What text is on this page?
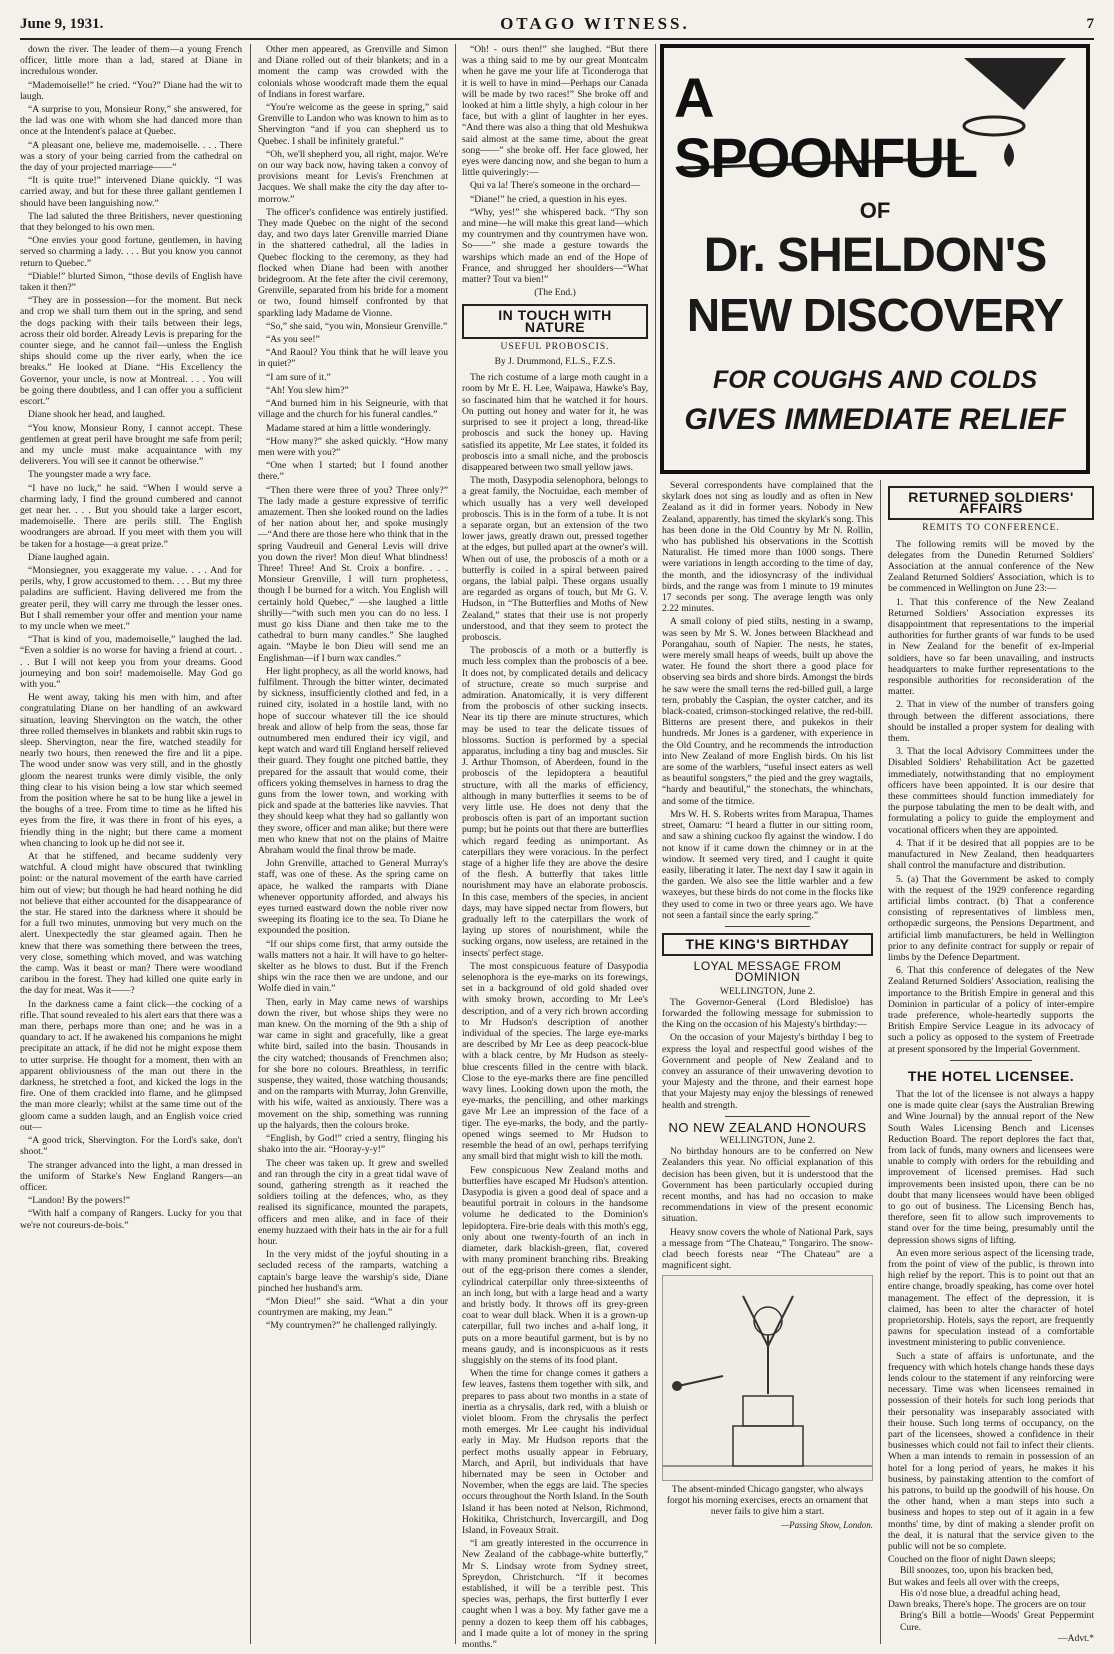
June 9, 1931.	OTAGO WITNESS.	7

down the river. The leader of them—a young French officer, little more than a lad, stared at Diane in incredulous wonder.

“Mademoiselle!” he cried. “You?” Diane had the wit to laugh.

“A surprise to you, Monsieur Rony,” she answered, for the lad was one with whom she had danced more than once at the Intendent's palace at Quebec.

“A pleasant one, believe me, mademoiselle. . . . There was a story of your being carried from the cathedral on the day of your projected marriage——”

“It is quite true!” intervened Diane quickly. “I was carried away, and but for these three gallant gentlemen I should have been languishing now.”

The lad saluted the three Britishers, never questioning that they belonged to his own men.

“One envies your good fortune, gentlemen, in having served so charming a lady. . . . But you know you cannot return to Quebec.”

“Diable!” blurted Simon, “those devils of English have taken it then?”

“They are in possession—for the moment. But neck and crop we shall turn them out in the spring, and send the dogs packing with their tails between their legs, across their old border. Already Levis is preparing for the counter siege, and he cannot fail—unless the English ships should come up the river early, when the ice breaks.” He looked at Diane. “His Excellency the Governor, your uncle, is now at Montreal. . . . You will be going there doubtless, and I can offer you a sufficient escort.”

Diane shook her head, and laughed.

“You know, Monsieur Rony, I cannot accept. These gentlemen at great peril have brought me safe from peril; and my uncle must make acquaintance with my deliverers. You will see it cannot be otherwise.”

The youngster made a wry face.

“I have no luck,” he said. “When I would serve a charming lady, I find the ground cumbered and cannot get near her. . . . But you should take a larger escort, mademoiselle. There are perils still. The English woodrangers are abroad. If you meet with them you will be taken for a hostage—a great prize.”

Diane laughed again.

“Monsiegner, you exaggerate my value. . . . And for perils, why, I grow accustomed to them. . . . But my three paladins are sufficient. Having delivered me from the greater peril, they will carry me through the lesser ones. But I shall remember your offer and mention your name to my uncle when we meet.”

“That is kind of you, mademoiselle,” laughed the lad. “Even a soldier is no worse for having a friend at court. . . . But I will not keep you from your dreams. Good journeying and bon soir! mademoiselle. May God go with you.”

He went away, taking his men with him, and after congratulating Diane on her handling of an awkward situation, leaving Shervington on the watch, the other three rolled themselves in blankets and rabbit skin rugs to sleep. Shervington, near the fire, watched steadily for nearly two hours, then renewed the fire and lit a pipe. The wood under snow was very still, and in the ghostly gloom the nearest trunks were dimly visible, the only thing clear to his vision being a low star which seemed from the position where he sat to be hung like a jewel in the boughs of a tree. From time to time as he lifted his eyes from the fire, it was there in front of his eyes, a friendly thing in the night; but there came a moment when chancing to look up he did not see it.

At that he stiffened, and became suddenly very watchful. A cloud might have obscured that twinkling point: or the natural movement of the earth have carried him out of view; but though he had heard nothing he did not believe that either accounted for the disappearance of the star. He stared into the darkness where it should be for a full two minutes, unmoving but very much on the alert. Unexpectedly the star gleamed again. Then he knew that there was something there between the trees, very close, something which moved, and was watching the camp. Was it beast or man? There were woodland caribou in the forest. They had killed one quite early in the day for meat. Was it——?

In the darkness came a faint click—the cocking of a rifle. That sound revealed to his alert ears that there was a man there, perhaps more than one; and he was in a quandary to act. If he awakened his companions he might precipitate an attack, if he did not he might expose them to utter surprise. He thought for a moment, then with an apparent obliviousness of the man out there in the darkness, he stretched a foot, and kicked the logs in the fire. One of them crackled into flame, and he glimpsed the man more clearly; whilst at the same time out of the gloom came a sudden laugh, and an English voice cried out—

“A good trick, Shervington. For the Lord's sake, don't shoot.”

The stranger advanced into the light, a man dressed in the uniform of Starke's New England Rangers—an officer.

“Landon! By the powers!”

“With half a company of Rangers. Lucky for you that we're not coureurs-de-bois.”

Other men appeared, as Grenville and Simon and Diane rolled out of their blankets; and in a moment the camp was crowded with the colonials whose woodcraft made them the equal of Indians in forest warfare.

“You're welcome as the geese in spring,” said Grenville to Landon who was known to him as to Shervington “and if you can shepherd us to Quebec. I shall be infinitely grateful.”

“Oh, we'll shepherd you, all right, major. We're on our way back now, having taken a convoy of provisions meant for Levis's Frenchmen at Jacques. We shall make the city the day after to-morrow.”

The officer's confidence was entirely justified. They made Quebec on the night of the second day, and two days later Grenville married Diane in the shattered cathedral, all the ladies in Quebec flocking to the ceremony, as they had flocked when Diane had been with another bridegroom. At the fete after the civil ceremony, Grenville, separated from his bride for a moment or two, found himself confronted by that sparkling lady Madame de Vionne.

“So,” she said, “you win, Monsieur Grenville.”

“As you see!”

“And Raoul? You think that he will leave you in quiet?”

“I am sure of it.”

“Ah! You slew him?”

“And burned him in his Seigneurie, with that village and the church for his funeral candles.”

Madame stared at him a little wonderingly.

“How many?” she asked quickly. “How many men were with you?”

“One when I started; but I found another there.”

“Then there were three of you? Three only?” The lady made a gesture expressive of terrific amazement. Then she looked round on the ladies of her nation about her, and spoke musingly—“And there are those here who think that in the spring Vaudreuil and General Levis will drive you down the river! Mon dieu! What blindness! Three! Three! And St. Croix a bonfire. . . . Monsieur Grenville, I will turn prophetess, though I be burned for a witch. You English will certainly hold Quebec,” —she laughed a little shrilly—“with such men you can do no less. I must go kiss Diane and then take me to the cathedral to burn many candles.” She laughed again. “Maybe le bon Dieu will send me an Englishman—if I burn wax candles.”

Her light prophecy, as all the world knows, had fulfilment. Through the bitter winter, decimated by sickness, insufficiently clothed and fed, in a ruined city, isolated in a hostile land, with no hope of succour whatever till the ice should break and allow of help from the seas, those far outnumbered men endured their icy vigil, and kept watch and ward till England herself relieved their guard. They fought one pitched battle, they prepared for the assault that would come, their officers yoking themselves in harness to drag the guns from the lower town, and working with pick and spade at the batteries like navvies. That they should keep what they had so gallantly won they swore, officer and man alike; but there were men who knew that not on the plains of Maitre Abraham would the final throw be made.

John Grenville, attached to General Murray's staff, was one of these. As the spring came on apace, he walked the ramparts with Diane whenever opportunity afforded, and always his eyes turned eastward down the noble river now sweeping its floating ice to the sea. To Diane he expounded the position.

“If our ships come first, that army outside the walls matters not a hair. It will have to go helter-skelter as he blows to dust. But if the French ships win the race then we are undone, and our Wolfe died in vain.”

Then, early in May came news of warships down the river, but whose ships they were no man knew. On the morning of the 9th a ship of war came in sight and gracefully, like a great white bird, sailed into the basin. Thousands in the city watched; thousands of Frenchmen also; for she bore no colours. Breathless, in terrific suspense, they waited, those watching thousands; and on the ramparts with Murray, John Grenville, with his wife, waited as anxiously. There was a movement on the ship, something was running up the halyards, then the colours broke.

“English, by God!” cried a sentry, flinging his shako into the air. “Hooray-y-y!”

The cheer was taken up. It grew and swelled and ran through the city in a great tidal wave of sound, gathering strength as it reached the soldiers toiling at the defences, who, as they realised its significance, mounted the parapets, officers and men alike, and in face of their enemy huzzaed with their hats in the air for a full hour.

In the very midst of the joyful shouting in a secluded recess of the ramparts, watching a captain's barge leave the warship's side, Diane pinched her husband's arm.

“Mon Dieu!” she said. “What a din your countrymen are making, my Jean.”

“My countrymen?” he challenged rallyingly.

“Oh! - ours then!” she laughed. “But there was a thing said to me by our great Montcalm when he gave me your life at Ticonderoga that it is well to have in mind—Perhaps our Canada will be made by two races!” She broke off and looked at him a little shyly, a high colour in her face, but with a glint of laughter in her eyes. “And there was also a thing that old Meshukwa said almost at the same time, about the great song——” she broke off. Her face glowed, her eyes were dancing now, and she began to hum a little quiveringly:—

Qui va la! There's someone in the orchard—

“Diane!” he cried, a question in his eyes.

“Why, yes!” she whispered back. “Thy son and mine—he will make this great land—which my countrymen and thy countrymen have won. So——” she made a gesture towards the warships which made an end of the Hope of France, and shrugged her shoulders—“What matter? Tout va bien!”

(The End.)
IN TOUCH WITH NATURE
USEFUL PROBOSCIS.
By J. Drummond, F.L.S., F.Z.S.

The rich costume of a large moth caught in a room by Mr E. H. Lee, Waipawa, Hawke's Bay, so fascinated him that he watched it for hours. On putting out honey and water for it, he was surprised to see it project a long, thread-like proboscis and suck the honey up. Having satisfied its appetite, Mr Lee states, it folded its proboscis into a small niche, and the proboscis disappeared between two small yellow jaws.

The moth, Dasypodia selenophora, belongs to a great family, the Noctuidae, each member of which usually has a very well developed proboscis. This is in the form of a tube. It is not a separate organ, but an extension of the two lower jaws, greatly drawn out, pressed together at the edges, but pulled apart at the owner's will. When out of use, the proboscis of a moth or a butterfly is coiled in a spiral between paired organs, the labial palpi. These organs usually are regarded as organs of touch, but Mr G. V. Hudson, in “The Butterflies and Moths of New Zealand,” states that their use is not properly understood, and that they seem to protect the proboscis.

The proboscis of a moth or a butterfly is much less complex than the proboscis of a bee. It does not, by complicated details and delicacy of structure, create so much surprise and admiration. Anatomically, it is very different from the proboscis of other sucking insects. Near its tip there are minute structures, which may be used to tear the delicate tissues of blossoms. Suction is performed by a special apparatus, including a tiny bag and muscles. Sir J. Arthur Thomson, of Aberdeen, found in the proboscis of the lepidoptera a beautiful structure, with all the marks of efficiency, although in many butterflies it seems to be of very little use. He does not deny that the proboscis often is part of an important suction pump; but he points out that there are butterflies which regard feeding as unimportant. As caterpillars they were voracious. In the perfect stage of a higher life they are above the desire of the flesh. A butterfly that takes little nourishment may have an elaborate proboscis. In this case, members of the species, in ancient days, may have sipped nectar from flowers, but gradually left to the caterpillars the work of laying up stores of nourishment, while the sucking organs, now useless, are retained in the insects' perfect stage.

The most conspicuous feature of Dasypodia selenophora is the eye-marks on its forewings, set in a background of old gold shaded over with smoky brown, according to Mr Lee's description, and of a very rich brown according to Mr Hudson's description of another individual of the species. The large eye-marks are described by Mr Lee as deep peacock-blue with a black centre, by Mr Hudson as steely-blue crescents filled in the centre with black. Close to the eye-marks there are fine pencilled wavy lines. Looking down upon the moth, the eye-marks, the pencilling, and other markings gave Mr Lee an impression of the face of a tiger. The eye-marks, the body, and the partly-opened wings seemed to Mr Hudson to resemble the head of an owl, perhaps terrifying any small bird that might wish to kill the moth.

Few conspicuous New Zealand moths and butterflies have escaped Mr Hudson's attention. Dasypodia is given a good deal of space and a beautiful portrait in colours in the handsome volume he dedicated to the Dominion's lepidoptera. Fire-brie deals with this moth's egg, only about one twenty-fourth of an inch in diameter, dark blackish-green, flat, covered with many prominent branching ribs. Breaking out of the egg-prison there comes a slender, cylindrical caterpillar only three-sixteenths of an inch long, but with a large head and a warty and bristly body. It throws off its grey-green coat to wear dull black. When it is a grown-up caterpillar, full two inches and a-half long, it puts on a more beautiful garment, but is by no means gaudy, and is inconspicuous as it rests sluggishly on the stems of its food plant.

When the time for change comes it gathers a few leaves, fastens them together with silk, and prepares to pass about two months in a state of inertia as a chrysalis, dark red, with a bluish or violet bloom. From the chrysalis the perfect moth emerges. Mr Lee caught his individual early in May. Mr Hudson reports that the perfect moths usually appear in February, March, and April, but individuals that have hibernated may be seen in October and November, when the eggs are laid. The species occurs throughout the North Island. In the South Island it has been noted at Nelson, Richmond, Hokitika, Christchurch, Invercargill, and Dog Island, in Foveaux Strait.

“I am greatly interested in the occurrence in New Zealand of the cabbage-white butterfly,” Mr S. Lindsay wrote from Sydney street, Spreydon, Christchurch. “If it becomes established, it will be a terrible pest. This species was, perhaps, the first butterfly I ever caught when I was a boy. My father gave me a penny a dozen to keep them off his cabbages, and I made quite a lot of money in the spring months.”

A SPOONFUL
OF
Dr. SHELDON'S
NEW DISCOVERY
FOR COUGHS AND COLDS
GIVES IMMEDIATE RELIEF

Several correspondents have complained that the skylark does not sing as loudly and as often in New Zealand as it did in former years. Nobody in New Zealand, apparently, has timed the skylark's song. This has been done in the Old Country by Mr N. Rollin, who has published his observations in the Scottish Naturalist. He timed more than 1000 songs. There were variations in length according to the time of day, the month, and the idiosyncrasy of the individual birds, and the range was from 1 minute to 19 minutes 17 seconds per song. The average length was only 2.22 minutes.

A small colony of pied stilts, nesting in a swamp, was seen by Mr S. W. Jones between Blackhead and Porangahau, south of Napier. The nests, he states, were merely small heaps of weeds, built up above the water. He found the short there a good place for observing sea birds and shore birds. Amongst the birds he saw were the small terns the red-billed gull, a large tern, probably the Caspian, the oyster catcher, and its black-coated, crimson-stockinged relative, the red-bill. Bitterns are present there, and pukekos in their hundreds. Mr Jones is a gardener, with experience in the Old Country, and he recommends the introduction into New Zealand of more English birds. On his list are some of the warblers, “useful insect eaters as well as beautiful songsters,” the pied and the grey wagtails, “hardy and beautiful,” the stonechats, the whinchats, and some of the titmice.

Mrs W. H. S. Roberts writes from Marapua, Thames street, Oamaru: “I heard a flutter in our sitting room, and saw a shining cuckoo fly against the window. I do not know if it came down the chimney or in at the window. It seemed very tired, and I caught it quite easily, liberating it later. The next day I saw it again in the garden. We also see the little warbler and a few waxeyes, but these birds do not come in the flocks like they used to come in two or three years ago. We have not seen a fantail since the early spring.”

THE KING'S BIRTHDAY
LOYAL MESSAGE FROM DOMINION
WELLINGTON, June 2.

The Governor-General (Lord Bledisloe) has forwarded the following message for submission to the King on the occasion of his Majesty's birthday:—

On the occasion of your Majesty's birthday I beg to express the loyal and respectful good wishes of the Government and people of New Zealand and to convey an assurance of their unwavering devotion to your Majesty and the throne, and their earnest hope that your Majesty may enjoy the blessings of renewed health and strength.

NO NEW ZEALAND HONOURS
WELLINGTON, June 2.

No birthday honours are to be conferred on New Zealanders this year. No official explanation of this decision has been given, but it is understood that the Government has been particularly occupied during recent months, and has had no occasion to make recommendations in view of the present economic situation.

Heavy snow covers the whole of National Park, says a message from “The Chateau,” Tongariro. The snow-clad beech forests near “The Chateau” are a magnificent sight.

The absent-minded Chicago gangster, who always forgot his morning exercises, erects an ornament that never fails to give him a start.
—Passing Show, London.
RETURNED SOLDIERS' AFFAIRS
REMITS TO CONFERENCE.

The following remits will be moved by the delegates from the Dunedin Returned Soldiers' Association at the annual conference of the New Zealand Returned Soldiers' Association, which is to be commenced in Wellington on June 23:—

1. That this conference of the New Zealand Returned Soldiers' Association expresses its disappointment that representations to the imperial authorities for further grants of war funds to be used in New Zealand for the benefit of ex-Imperial soldiers, have so far been unavailing, and instructs headquarters to make further representations to the responsible authorities for reconsideration of the matter.

2. That in view of the number of transfers going through between the different associations, there should be installed a proper system for dealing with them.

3. That the local Advisory Committees under the Disabled Soldiers' Rehabilitation Act be gazetted immediately, notwithstanding that no employment officers have been appointed. It is our desire that these committees should function immediately for the purpose tabulating the men to be dealt with, and formulating a policy to guide the employment and vocational officers when they are appointed.

4. That if it be desired that all poppies are to be manufactured in New Zealand, then headquarters shall control the manufacture and distribution.

5. (a) That the Government be asked to comply with the request of the 1929 conference regarding artificial limbs contract. (b) That a conference consisting of representatives of limbless men, orthopædic surgeons, the Pensions Department, and artificial limb manufacturers, be held in Wellington prior to any definite contract for supply or repair of limbs by the Defence Department.

6. That this conference of delegates of the New Zealand Returned Soldiers' Association, realising the importance to the British Empire in general and this Dominion in particular of a policy of inter-empire trade preference, whole-heartedly supports the British Empire Service League in its advocacy of such a policy as opposed to the system of Freetrade at present sponsored by the Imperial Government.

THE HOTEL LICENSEE.

That the lot of the licensee is not always a happy one is made quite clear (says the Australian Brewing and Wine Journal) by the annual report of the New South Wales Licensing Bench and Licenses Reduction Board. The report deplores the fact that, from lack of funds, many owners and licensees were unable to comply with orders for the rebuilding and improvement of licensed premises. Had such improvements been insisted upon, there can be no doubt that many licensees would have been obliged to go out of business. The Licensing Bench has, therefore, seen fit to allow such improvements to stand over for the time being, presumably until the depression shows signs of lifting.

An even more serious aspect of the licensing trade, from the point of view of the public, is thrown into high relief by the report. This is to point out that an entire change, broadly speaking, has come over hotel management. The effect of the depression, it is claimed, has been to alter the character of hotel proprietorship. Hotels, says the report, are frequently pawns for speculation instead of a comfortable investment ministering to public convenience.

Such a state of affairs is unfortunate, and the frequency with which hotels change hands these days lends colour to the statement if any reinforcing were necessary. Time was when licensees remained in possession of their hotels for such long periods that their personality was inseparably associated with their house. Such long terms of occupancy, on the part of the licensees, showed a confidence in their businesses which could not fail to infect their clients. When a man intends to remain in possession of an hotel for a long period of years, he makes it his business, by painstaking attention to the comfort of his patrons, to build up the goodwill of his house. On the other hand, when a man steps into such a business and hopes to step out of it again in a few months' time, by dint of making a slender profit on the deal, it is natural that the service given to the public will not be so complete.

Couched on the floor of night Dawn sleeps;
Bill snoozes, too, upon his bracken bed,
But wakes and feels all over with the creeps,
His o'd nose blue, a dreadful aching head,
Dawn breaks, There's hope. The grocers are on tour
Bring's Bill a bottle—Woods' Great Peppermint Cure.
—Advt.*
